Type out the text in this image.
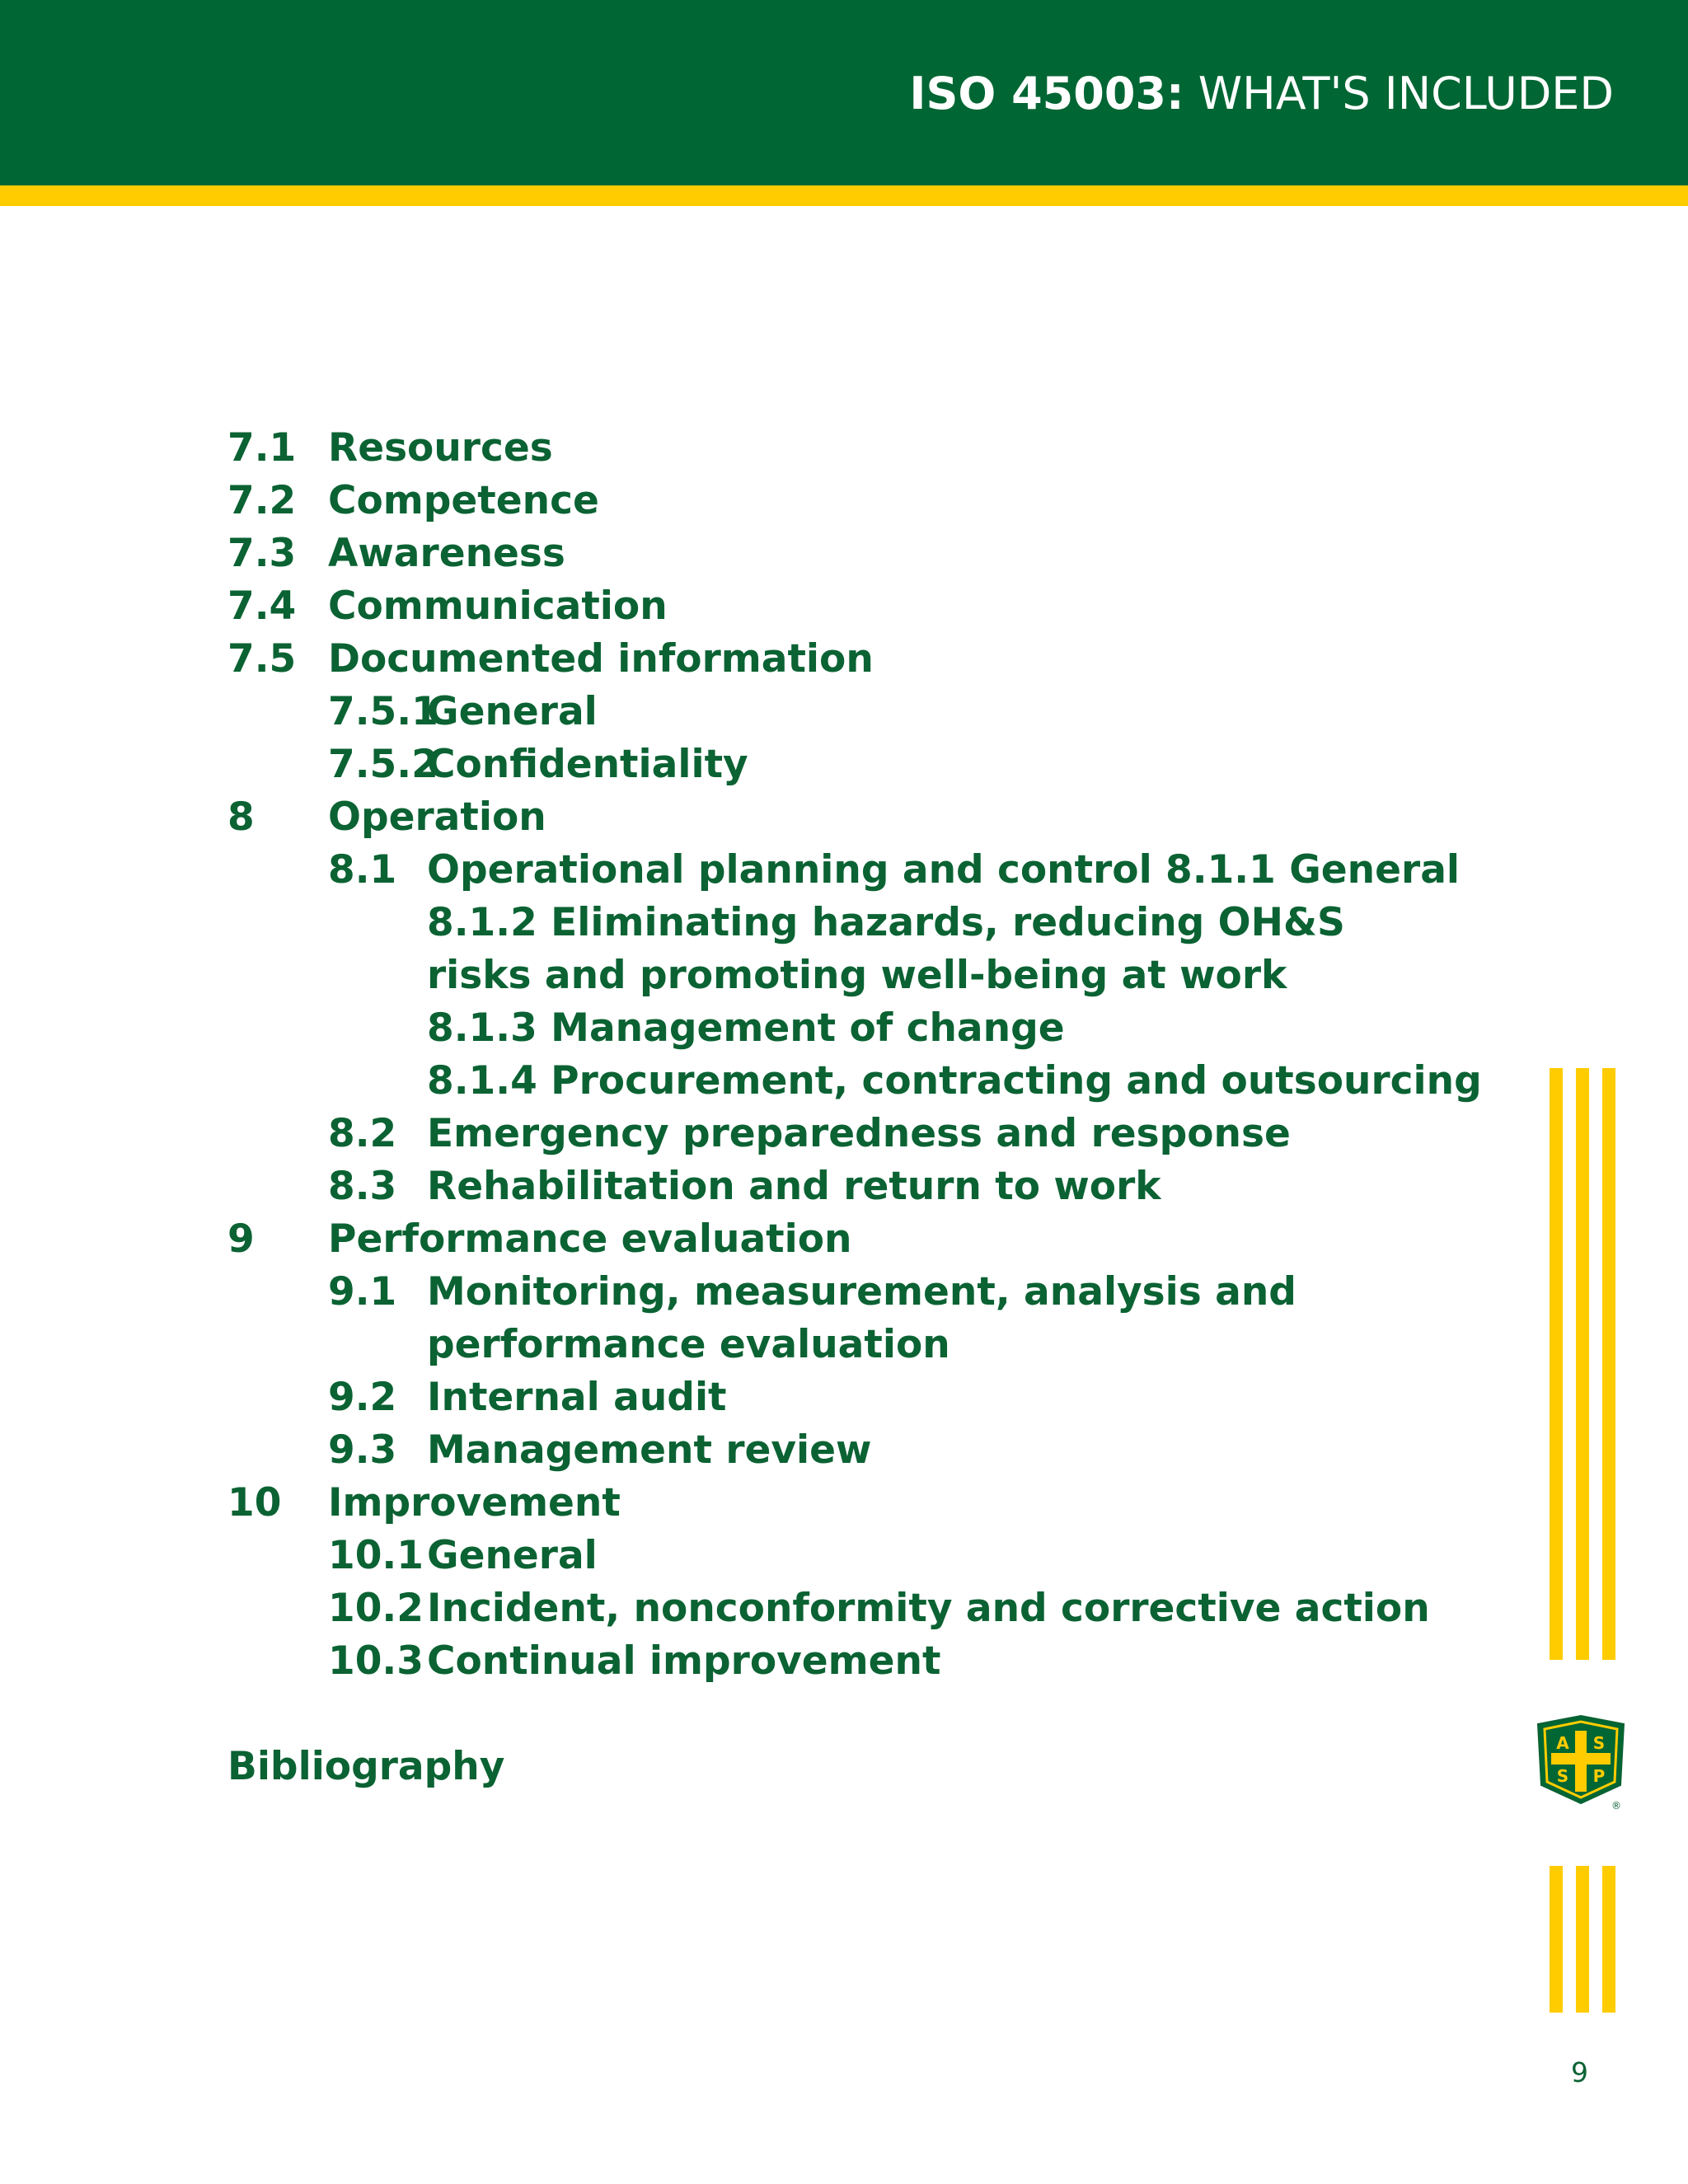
ISO 45003: WHAT'S INCLUDED
7.1 Resources
7.2 Competence
7.3 Awareness
7.4 Communication
7.5 Documented information
7.5.1
General
7.5.2
Confidentiality
8 Operation
8.1 Operational planning and control 8.1.1 General
8.1.2 Eliminating hazards, reducing OH&S
risks and promoting well-being at work
8.1.3 Management of change
8.1.4 Procurement, contracting and outsourcing
8.2 Emergency preparedness and response
8.3 Rehabilitation and return to work
9 Performance evaluation
9.1 Monitoring, measurement, analysis and
performance evaluation
9.2 Internal audit
9.3 Management review
10 Improvement
10.1 General
10.2 Incident, nonconformity and corrective action
10.3 Continual improvement
Bibliography
A S
S P
®
9
